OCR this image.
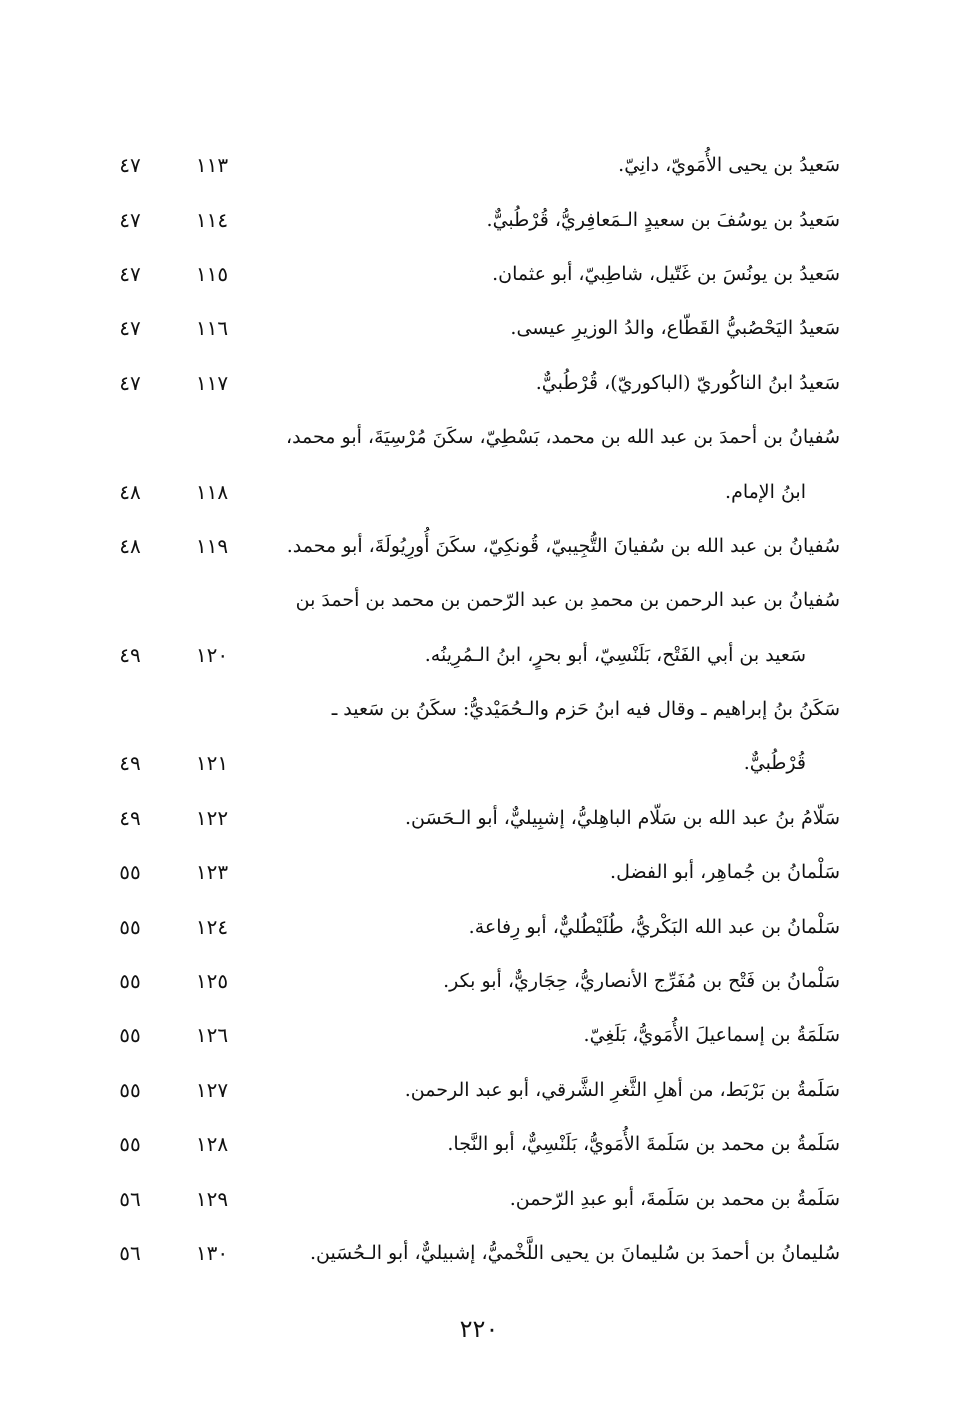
٤٧	١١٣	سَعيدُ بن يحيى الأُمَويّ، دانِيّ.
٤٧	١١٤	سَعيدُ بن يوسُفَ بن سعيدٍ الـمَعافِريُّ، قُرْطُبيٌّ.
٤٧	١١٥	سَعيدُ بن يونُسَ بن غَتّيل، شاطِبيّ، أبو عثمان.
٤٧	١١٦	سَعيدُ اليَحْصُبيُّ القَطّاع، والدُ الوزيرِ عيسى.
٤٧	١١٧	سَعيدُ ابنُ الناكُوريّ (الباكوريّ)، قُرْطُبيٌّ.
سُفيانُ بن أحمدَ بن عبد الله بن محمد، بَسْطِيّ، سكَنَ مُرْسِيَةَ، أبو محمد،
٤٨	١١٨	ابنُ الإمام.
٤٨	١١٩	سُفيانُ بن عبد الله بن سُفيانَ التُّجِيبيّ، قُونكِيّ، سكَنَ أُورِيُولَةَ، أبو محمد.
سُفيانُ بن عبد الرحمن بن محمدِ بن عبد الرّحمن بن محمد بن أحمدَ بن
٤٩	١٢٠	سَعيد بن أبي الفَتْح، بَلَنْسِيّ، أبو بحرٍ، ابنُ الـمُرِينُه.
سَكَنُ بنُ إبراهيم ـ وقال فيه ابنُ حَزم والـحُمَيْديُّ: سكَنُ بن سَعيد ـ
٤٩	١٢١	قُرْطُبيٌّ.
٤٩	١٢٢	سَلّامُ بنُ عبد الله بن سَلّام الباهِليُّ، إشبِيليٌّ، أبو الـحَسَن.
٥٥	١٢٣	سَلْمانُ بن جُماهِر، أبو الفضل.
٥٥	١٢٤	سَلْمانُ بن عبد الله البَكْريُّ، طُلَيْطُليٌّ، أبو رِفاعة.
٥٥	١٢٥	سَلْمانُ بن فَتْح بن مُفَرِّج الأنصاريُّ، حِجَاريٌّ، أبو بكر.
٥٥	١٢٦	سَلَمَةُ بن إسماعيلَ الأُمَويُّ، بَلَغِيّ.
٥٥	١٢٧	سَلَمةُ بن بَرْبَط، من أهلِ الثَّغرِ الشَّرقي، أبو عبد الرحمن.
٥٥	١٢٨	سَلَمةُ بن محمد بن سَلَمةَ الأُمَويُّ، بَلَنْسِيٌّ، أبو النَّجا.
٥٦	١٢٩	سَلَمةُ بن محمد بن سَلَمةَ، أبو عبدِ الرّحمن.
٥٦	١٣٠	سُليمانُ بن أحمدَ بن سُليمانَ بن يحيى اللَّخْميُّ، إشبيليٌّ، أبو الـحُسَين.
٢٢٠
